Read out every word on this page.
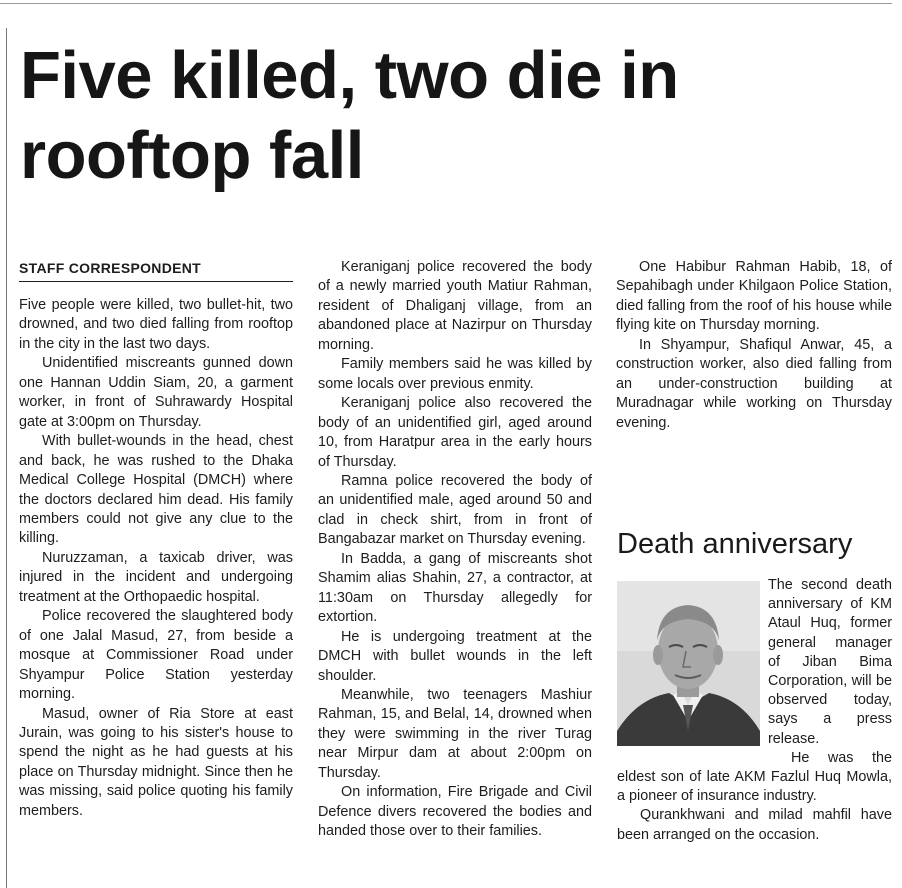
Five killed, two die in rooftop fall
STAFF CORRESPONDENT

Five people were killed, two bullet-hit, two drowned, and two died falling from rooftop in the city in the last two days.

Unidentified miscreants gunned down one Hannan Uddin Siam, 20, a garment worker, in front of Suhrawardy Hospital gate at 3:00pm on Thursday.

With bullet-wounds in the head, chest and back, he was rushed to the Dhaka Medical College Hospital (DMCH) where the doctors declared him dead. His family members could not give any clue to the killing.

Nuruzzaman, a taxicab driver, was injured in the incident and undergoing treatment at the Orthopaedic hospital.

Police recovered the slaughtered body of one Jalal Masud, 27, from beside a mosque at Commissioner Road under Shyampur Police Station yesterday morning.

Masud, owner of Ria Store at east Jurain, was going to his sister's house to spend the night as he had guests at his place on Thursday midnight. Since then he was missing, said police quoting his family members.

Keraniganj police recovered the body of a newly married youth Matiur Rahman, resident of Dhaliganj village, from an abandoned place at Nazirpur on Thursday morning.

Family members said he was killed by some locals over previous enmity.

Keraniganj police also recovered the body of an unidentified girl, aged around 10, from Haratpur area in the early hours of Thursday.

Ramna police recovered the body of an unidentified male, aged around 50 and clad in check shirt, from in front of Bangabazar market on Thursday evening.

In Badda, a gang of miscreants shot Shamim alias Shahin, 27, a contractor, at 11:30am on Thursday allegedly for extortion.

He is undergoing treatment at the DMCH with bullet wounds in the left shoulder.

Meanwhile, two teenagers Mashiur Rahman, 15, and Belal, 14, drowned when they were swimming in the river Turag near Mirpur dam at about 2:00pm on Thursday.

On information, Fire Brigade and Civil Defence divers recovered the bodies and handed those over to their families.

One Habibur Rahman Habib, 18, of Sepahibagh under Khilgaon Police Station, died falling from the roof of his house while flying kite on Thursday morning.

In Shyampur, Shafiqul Anwar, 45, a construction worker, also died falling from an under-construction building at Muradnagar while working on Thursday evening.

Death anniversary

The second death anniversary of KM Ataul Huq, former general manager of Jiban Bima Corporation, will be observed today, says a press release.

He was the eldest son of late AKM Fazlul Huq Mowla, a pioneer of insurance industry.

Qurankhwani and milad mahfil have been arranged on the occasion.
